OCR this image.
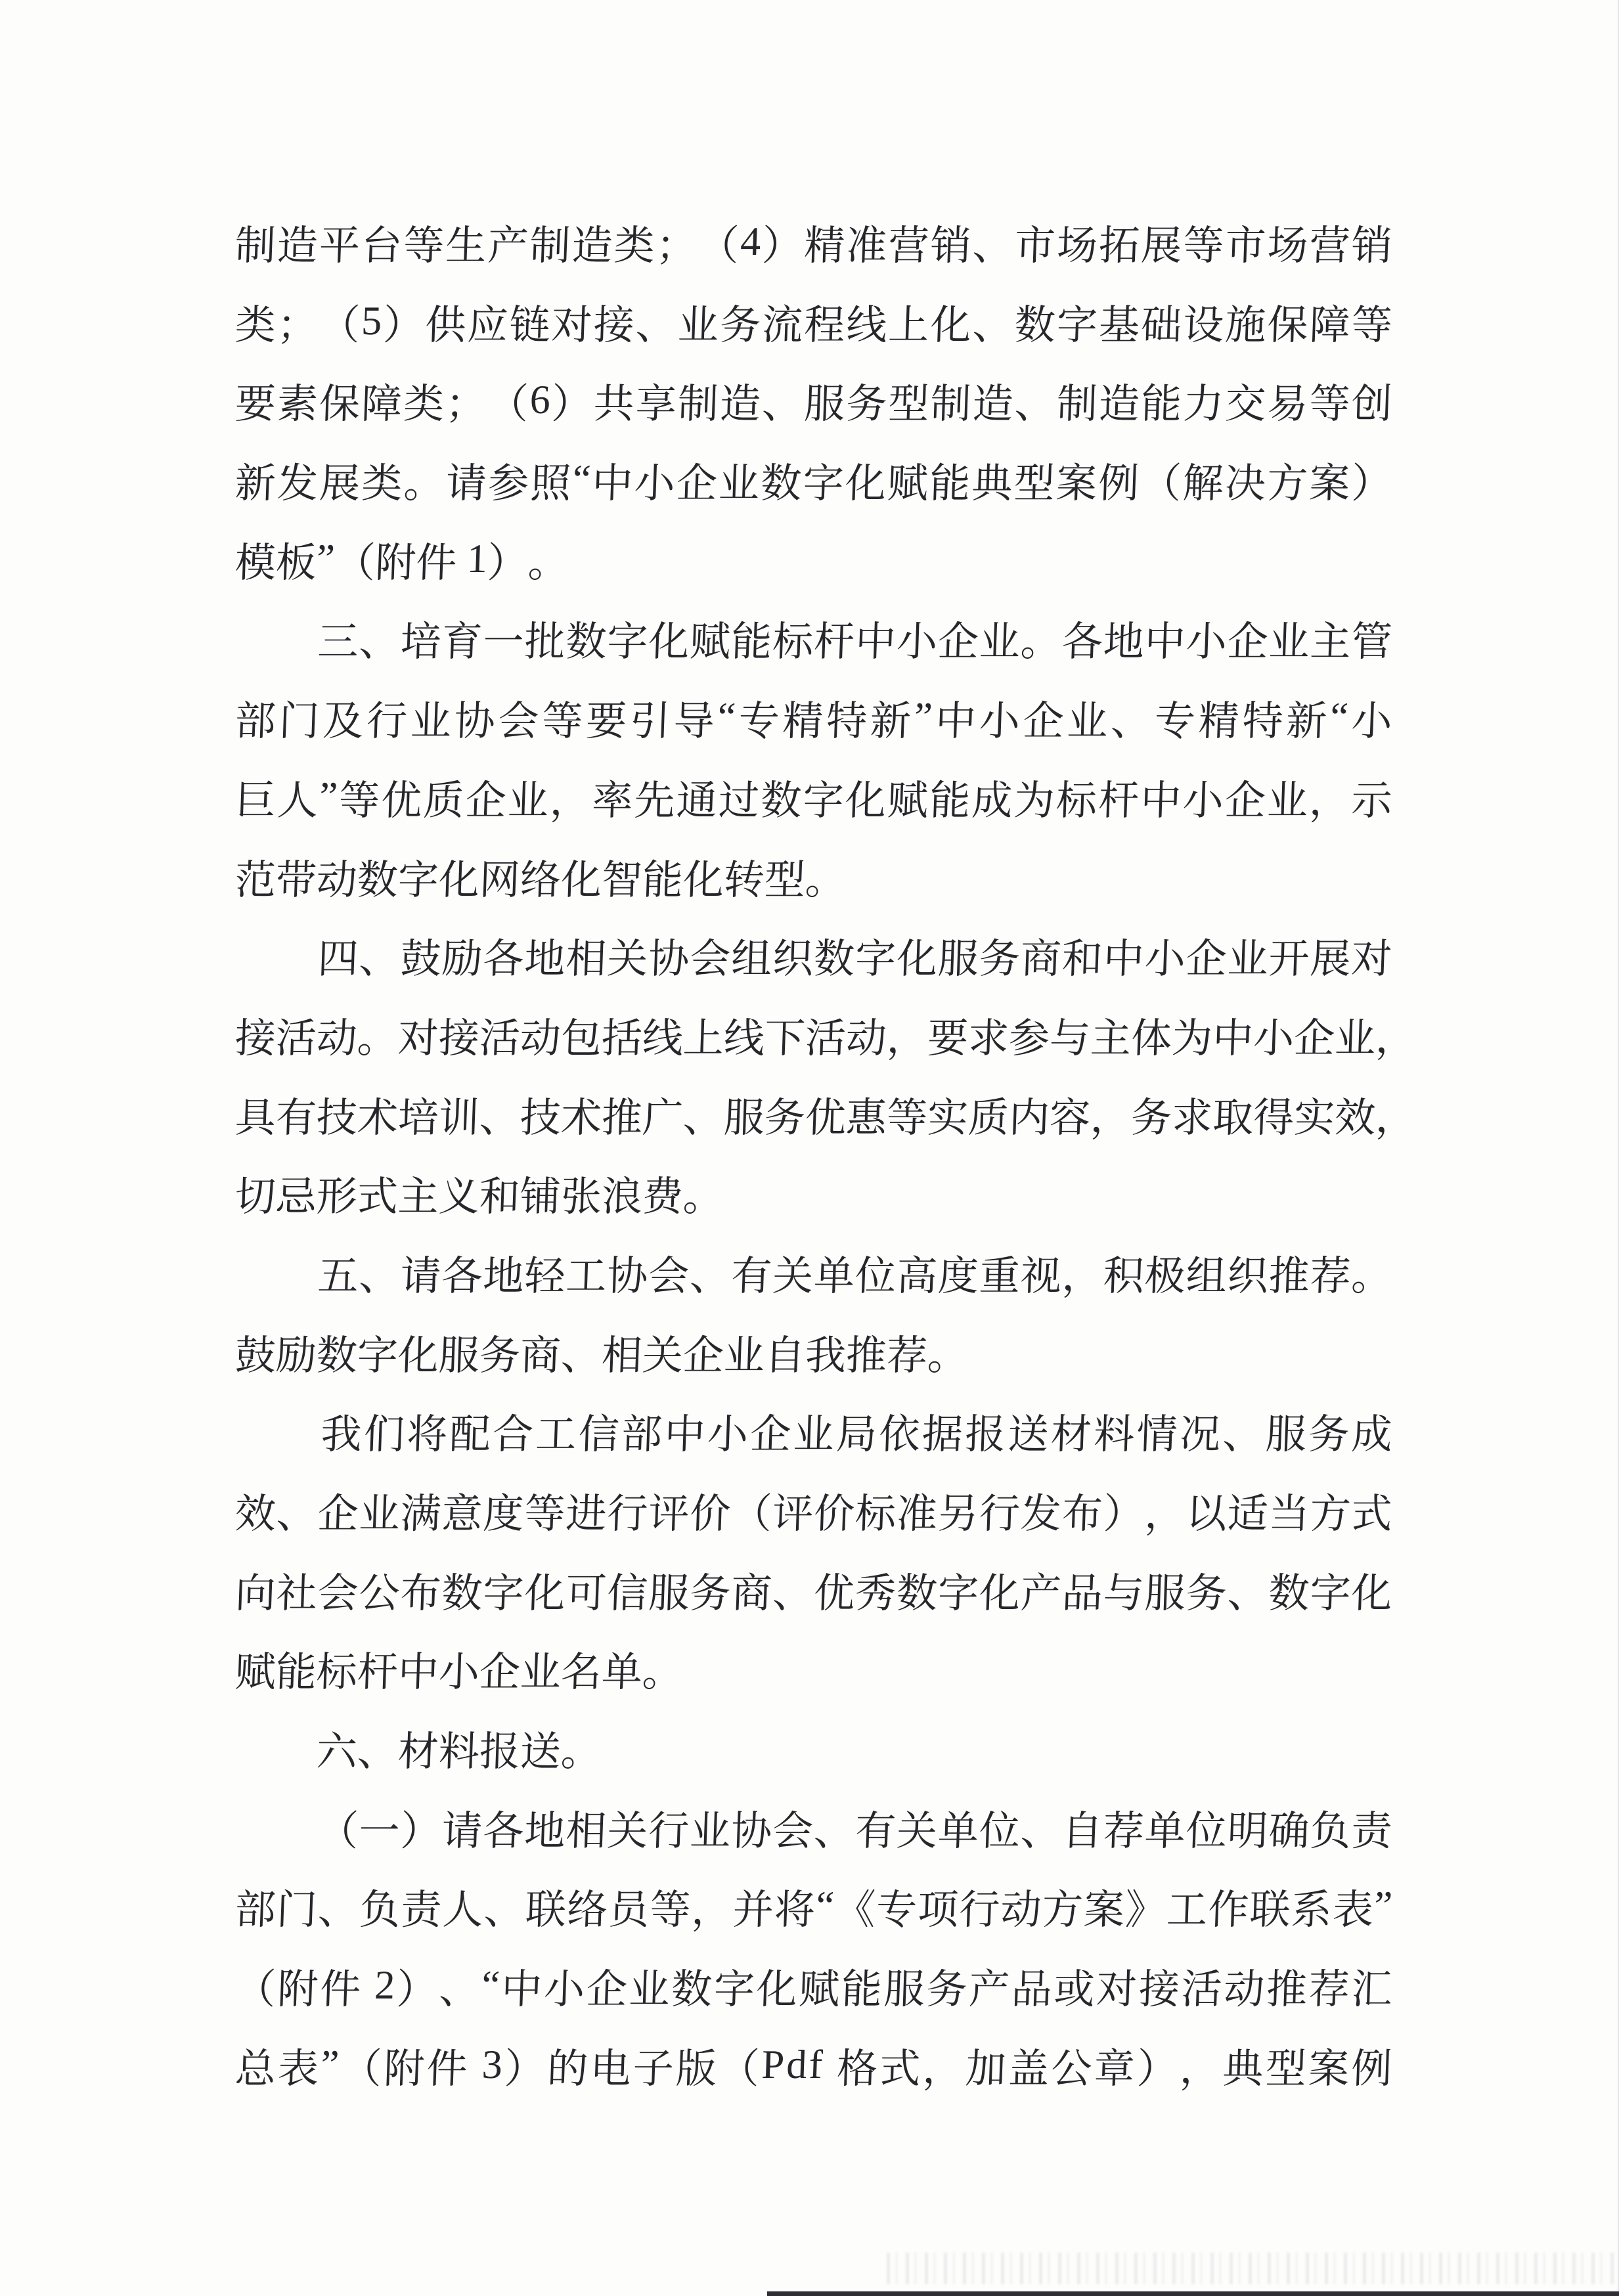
制 造 平 台 等 生 产 制 造 类 ； （ 4 ） 精 准 营 销 、 市 场 拓 展 等 市 场 营 销
类 ； （ 5 ） 供 应 链 对 接 、 业 务 流 程 线 上 化 、 数 字 基 础 设 施 保 障 等
要 素 保 障 类 ； （ 6 ） 共 享 制 造 、 服 务 型 制 造 、 制 造 能 力 交 易 等 创
新 发 展 类 。 请 参 照 “ 中 小 企 业 数 字 化 赋 能 典 型 案 例 （ 解 决 方 案 ）
模
板
”
（
附
件
1
）
。

三
、
培
育
一
批
数
字
化
赋
能
标
杆
中
小
企
业
。
各
地
中
小
企
业
主
管
部 门 及 行 业 协 会 等 要 引 导 “ 专 精 特 新 ” 中 小 企 业 、 专 精 特 新 “ 小
巨 人 ” 等 优 质 企 业 ， 率 先 通 过 数 字 化 赋 能 成 为 标 杆 中 小 企 业 ， 示
范
带
动
数
字
化
网
络
化
智
能
化
转
型
。

四
、
鼓
励
各
地
相
关
协
会
组
织
数
字
化
服
务
商
和
中
小
企
业
开
展
对
接
活
动
。
对
接
活
动
包
括
线
上
线
下
活
动
，
要
求
参
与
主
体
为
中
小
企
业
，
具
有
技
术
培
训
、
技
术
推
广
、
服
务
优
惠
等
实
质
内
容
，
务
求
取
得
实
效
，
切
忌
形
式
主
义
和
铺
张
浪
费
。

五
、
请
各
地
轻
工
协
会
、
有
关
单
位
高
度
重
视
，
积
极
组
织
推
荐
。
鼓
励
数
字
化
服
务
商
、
相
关
企
业
自
我
推
荐
。

我 们 将 配 合 工 信 部 中 小 企 业 局 依 据 报 送 材 料 情 况 、 服 务 成
效
、
企
业
满
意
度
等
进
行
评
价
（
评
价
标
准
另
行
发
布
）
，
以
适
当
方
式
向
社
会
公
布
数
字
化
可
信
服
务
商
、
优
秀
数
字
化
产
品
与
服
务
、
数
字
化
赋
能
标
杆
中
小
企
业
名
单
。

六
、
材
料
报
送
。

（
一
）
请
各
地
相
关
行
业
协
会
、
有
关
单
位
、
自
荐
单
位
明
确
负
责
部
门
、
负
责
人
、
联
络
员
等
，
并
将 “
《
专
项
行
动
方
案
》
工
作
联
系
表 ”
（ 附 件
2 ） 、 “ 中 小 企 业 数 字 化 赋 能 服 务 产 品 或 对 接 活 动 推 荐 汇
总 表 ” （ 附 件
3 ） 的 电 子 版 （ P d f
格 式 ， 加 盖 公 章 ） ， 典 型 案 例
